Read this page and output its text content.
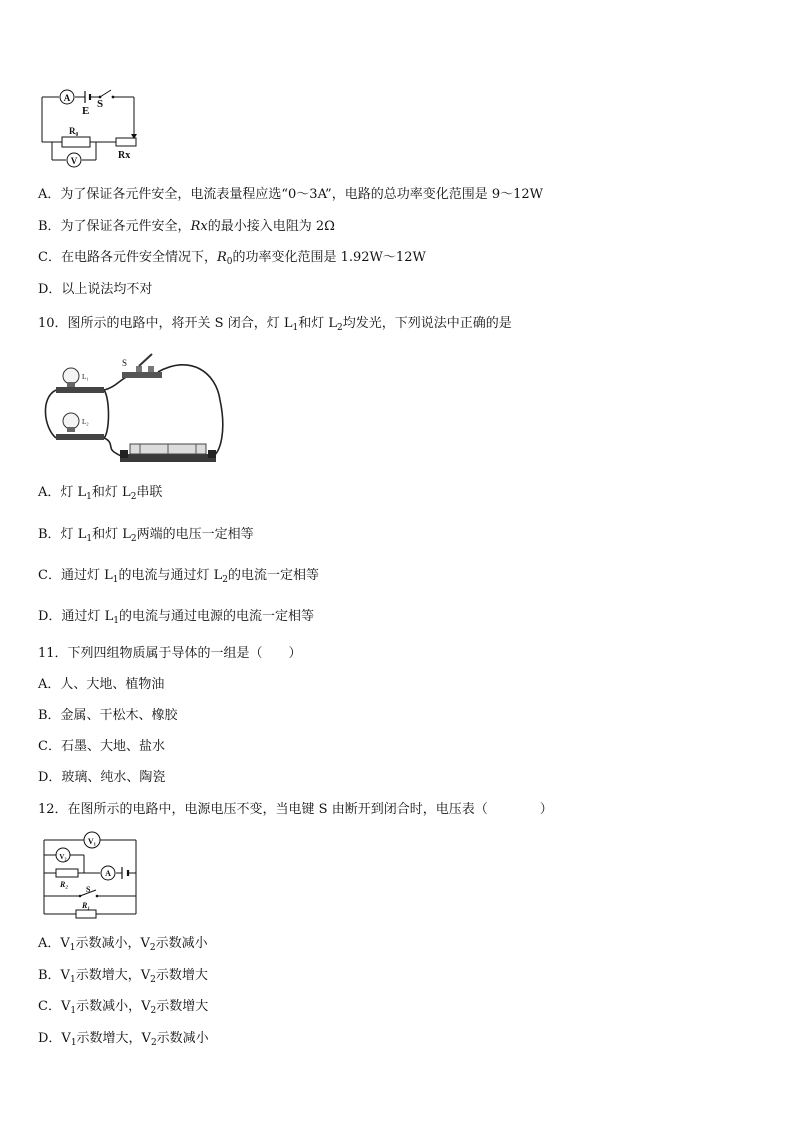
A
E
S
R₀
V	Rx
A．为了保证各元件安全，电流表量程应选“0～3A”，电路的总功率变化范围是 9～12W
B．为了保证各元件安全，Rx的最小接入电阻为 2Ω
C．在电路各元件安全情况下，$R_0$的功率变化范围是 1.92W～12W
D．以上说法均不对
10．图所示的电路中，将开关 S 闭合，灯 $L_1$和灯 $L_2$均发光，下列说法中正确的是
S
L₁
L₂
A．灯 $L_1$和灯 $L_2$串联
B．灯 $L_1$和灯 $L_2$两端的电压一定相等
C．通过灯 $L_1$的电流与通过灯 $L_2$的电流一定相等
D．通过灯 $L_1$的电流与通过电源的电流一定相等
11．下列四组物质属于导体的一组是（　　）
A．人、大地、植物油
B．金属、干松木、橡胶
C．石墨、大地、盐水
D．玻璃、纯水、陶瓷
12．在图所示的电路中，电源电压不变，当电键 S 由断开到闭合时，电压表（　　　　）
V₁
V₂
A
R₂
S
R₁
A．$V_1$示数减小，$V_2$示数减小
B．$V_1$示数增大，$V_2$示数增大
C．$V_1$示数减小，$V_2$示数增大
D．$V_1$示数增大，$V_2$示数减小
